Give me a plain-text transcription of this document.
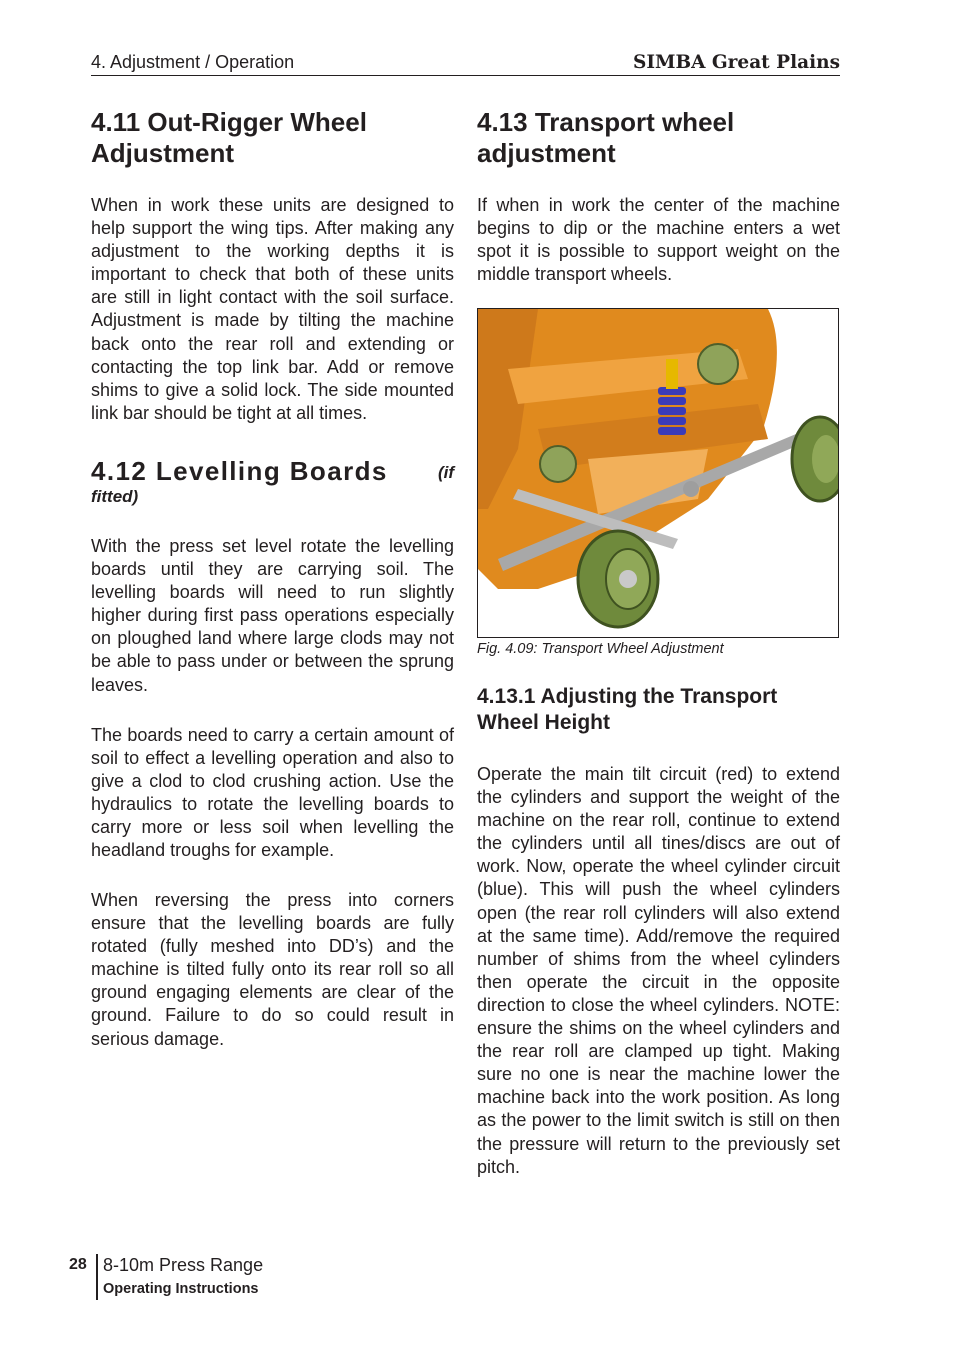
4. Adjustment / Operation	SIMBA Great Plains
4.11 Out-Rigger Wheel Adjustment

When in work these units are designed to help support the wing tips. After making any adjustment to the working depths it is important to check that both of these units are still in light contact with the soil surface. Adjustment is made by tilting the machine back onto the rear roll and extending or contacting the top link bar. Add or remove shims to give a solid lock. The side mounted link bar should be tight at all times.

4.12 Levelling Boards	(if
fitted)

With the press set level rotate the levelling boards until they are carrying soil. The levelling boards will need to run slightly higher during first pass operations especially on ploughed land where large clods may not be able to pass under or between the sprung leaves.

The boards need to carry a certain amount of soil to effect a levelling operation and also to give a clod to clod crushing action. Use the hydraulics to rotate the levelling boards to carry more or less soil when levelling the headland troughs for example.

When reversing the press into corners ensure that the levelling boards are fully rotated (fully meshed into DD’s) and the machine is tilted fully onto its rear roll so all ground engaging elements are clear of the ground. Failure to do so could result in serious damage.

4.13 Transport wheel adjustment

If when in work the center of the machine begins to dip or the machine enters a wet spot it is possible to support weight on the middle transport wheels.

Fig. 4.09: Transport Wheel Adjustment
4.13.1 Adjusting the Transport Wheel Height

Operate the main tilt circuit (red) to extend the cylinders and support the weight of the machine on the rear roll, continue to extend the cylinders until all tines/discs are out of work. Now, operate the wheel cylinder circuit (blue). This will push the wheel cylinders open (the rear roll cylinders will also extend at the same time). Add/remove the required number of shims from the wheel cylinders then operate the circuit in the opposite direction to close the wheel cylinders. NOTE: ensure the shims on the wheel cylinders and the rear roll are clamped up tight. Making sure no one is near the machine lower the machine back into the work position. As long as the power to the limit switch is still on then the pressure will return to the previously set pitch.

28 8-10m Press Range
Operating Instructions
